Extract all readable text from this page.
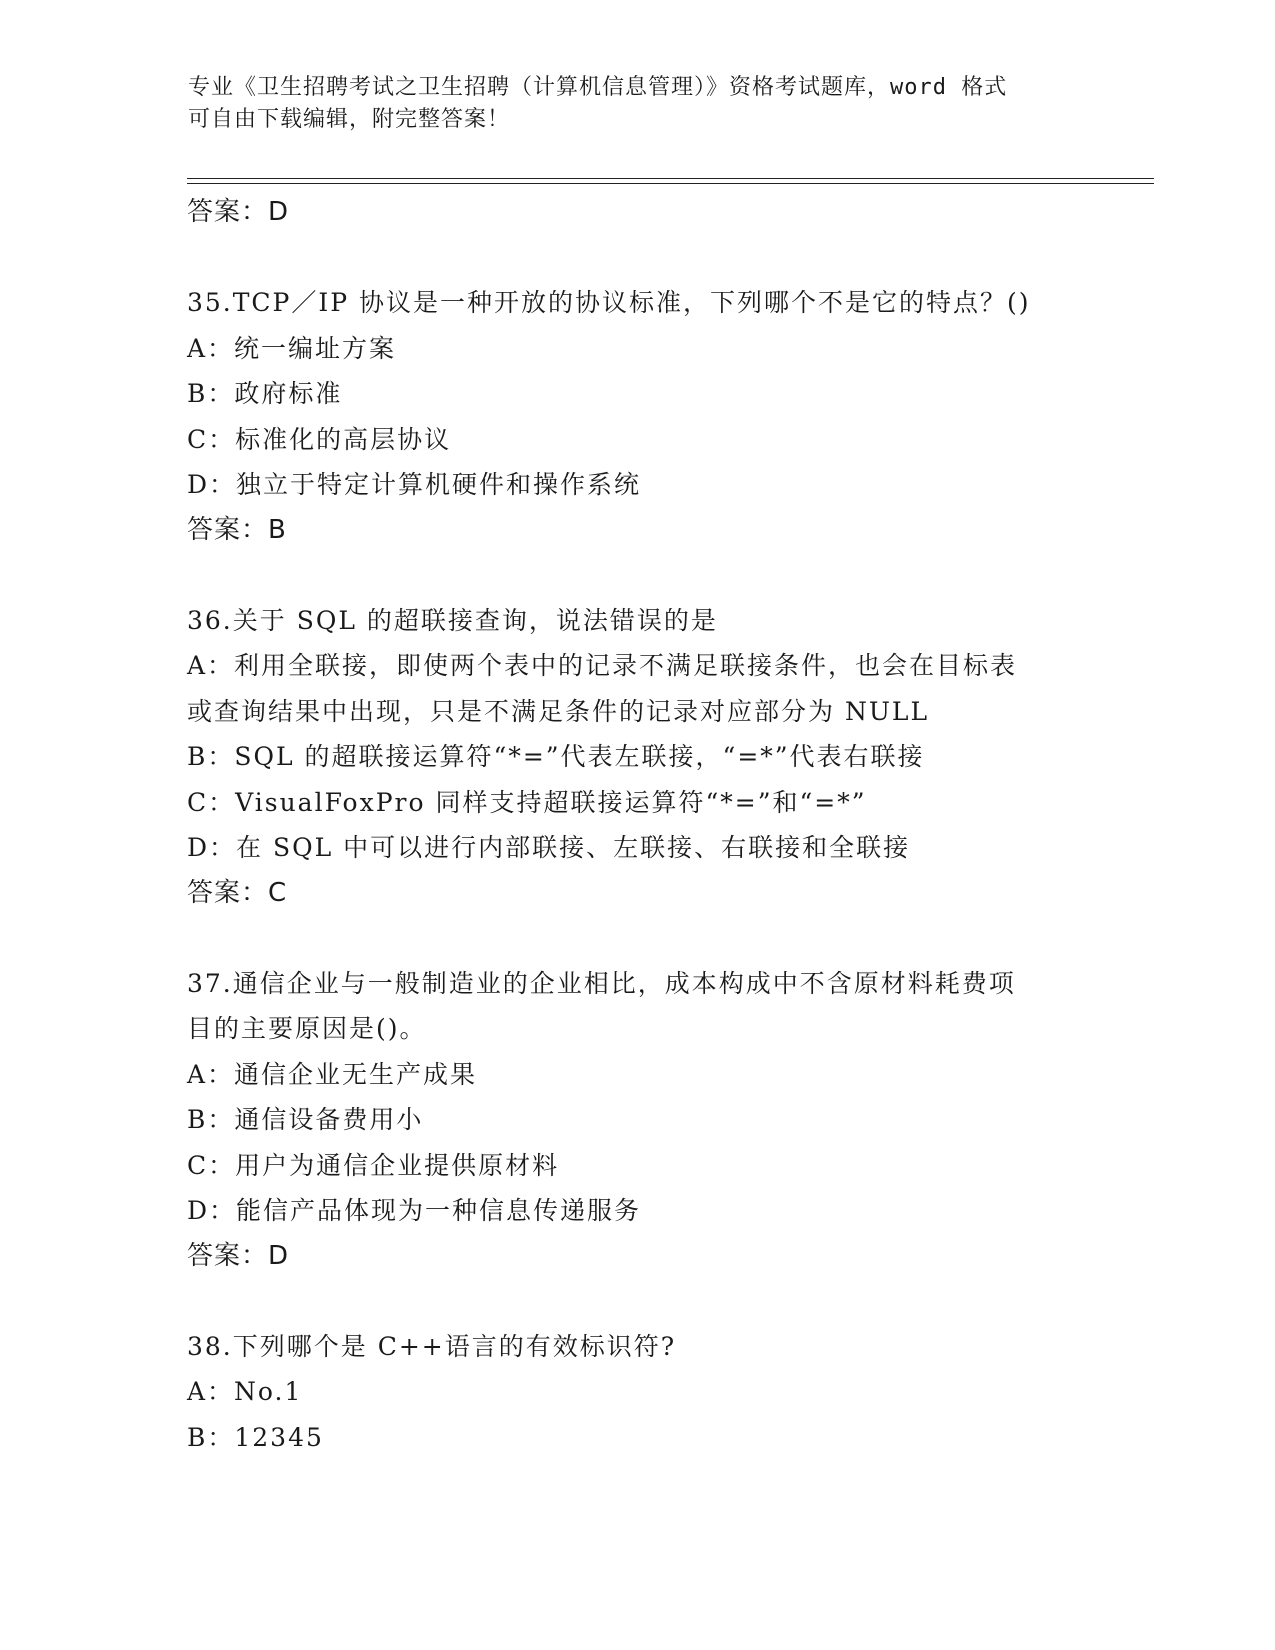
专业《卫生招聘考试之卫生招聘（计算机信息管理）》资格考试题库，word 格式
可自由下载编辑，附完整答案！
答案：D
35.TCP／IP 协议是一种开放的协议标准，下列哪个不是它的特点？()
A：统一编址方案
B：政府标准
C：标准化的高层协议
D：独立于特定计算机硬件和操作系统
答案：B
36.关于 SQL 的超联接查询，说法错误的是
A：利用全联接，即使两个表中的记录不满足联接条件，也会在目标表
或查询结果中出现，只是不满足条件的记录对应部分为 NULL
B：SQL 的超联接运算符“*=”代表左联接，“=*”代表右联接
C：VisualFoxPro 同样支持超联接运算符“*=”和“=*”
D：在 SQL 中可以进行内部联接、左联接、右联接和全联接
答案：C
37.通信企业与一般制造业的企业相比，成本构成中不含原材料耗费项
目的主要原因是()。
A：通信企业无生产成果
B：通信设备费用小
C：用户为通信企业提供原材料
D：能信产品体现为一种信息传递服务
答案：D
38.下列哪个是 C++语言的有效标识符?
A：No.1
B：12345
